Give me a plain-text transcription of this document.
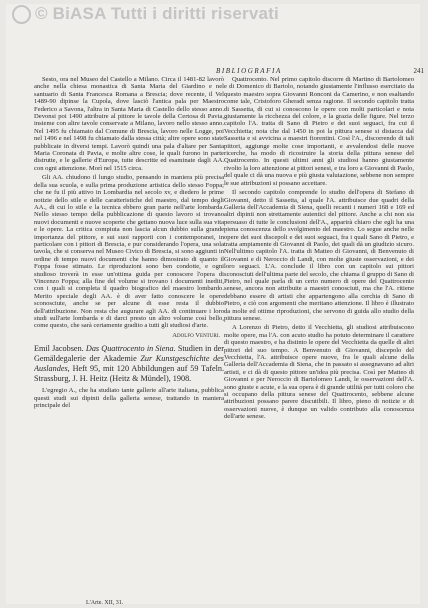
© BiASA Tutti i diritti riservati
BIBLIOGRAFIA	241

Sesto, ora nel Museo del Castello a Milano. Circa il 1481-82 lavorò anche nella chiesa monastica di Santa Maria del Giardino e nel santuario di Santa Francesca Romana a Brescia; dove recente, il Vel 1489-90 dipinse la Cupola, dove lasciò l'antica pala per Maestro Federico a Savona, l'altra in Santa Maria di Castello dello stesso anno. Devonsi poi 1490 attribuire al pittore le tavole della Certosa di Pavia, insieme con altre tavole conservate a Milano, lavoro nello stesso anno. Nel 1495 fu chiamato dal Comune di Brescia, lavoro nelle Logge, poi nel 1496 e nel 1498 fu chiamato dalla stessa città; altre opere sono state pubblicate in diversi tempi. Lavorò quindi una pala d'altare per Santa Maria Coronata di Pavia, e molte altre cose, le quali furono in parte distrutte, e le gallerie d'Europa, tutte descritte ed esaminate dagli AA. con ogni attenzione. Morì nel 1515 circa.

Gli AA. chiudono il lungo studio, pensando in maniera più precisa della sua scuola, e sulla prima produzione artistica dello stesso Foppa; che ne fu il più attivo in Lombardia nel secolo xv, e diedero le prime notizie dello stile e delle caratteristiche del maestro, dal tempo degli AA., di cui lo stile e la tecnica ebbero gran parte nell'arte lombarda. Nello stesso tempo della pubblicazione di questo lavoro si trovano nuovi documenti e nuove scoperte che gettano nuova luce sulla sua vita e le opere. La critica compiuta non lascia alcun dubbio sulla grande importanza del pittore, e sui suoi rapporti con i contemporanei, in particolare con i pittori di Brescia, e pur considerando l'opera, una sola tavola, che si conserva nel Museo Civico di Brescia, si sono aggiunti in ordine di tempo nuovi documenti che hanno dimostrato di quanto il Foppa fosse stimato. Le riproduzioni sono ben condotte, e ogni studioso troverà in esse un'ottima guida per conoscere l'opera di Vincenzo Foppa; alla fine del volume si trovano i documenti inediti, con i quali si completa il quadro biografico del maestro lombardo. Merito speciale degli AA. è di aver fatto conoscere le opere sconosciute, anche se per alcune di esse resta il dubbio dell'attribuzione. Non resta che augurare agli AA. di continuare i loro studi sull'arte lombarda e di darci presto un altro volume così bello, come questo, che sarà certamente gradito a tutti gli studiosi d'arte.

Adolfo Venturi.
Emil Jacobsen. Das Quattrocento in Siena. Studien in der Gemäldegalerie der Akademie Zur Kunstgeschichte des Auslandes, Heft 95, mit 120 Abbildungen auf 59 Tafeln. Strassburg, J. H. Heitz (Heitz & Mündel), 1908.

L'egregio A., che ha studiato tante gallerie all'arte italiana, pubblica questi studi sui dipinti della galleria senese, trattando in maniera principale del

Quattrocento. Nel primo capitolo discorre di Martino di Bartolomeo e di Domenico di Bartolo, notando giustamente l'influsso esercitato da questo maestro sopra Giovanni Ronconi da Camerino, e non esaltando come tale, Cristoforo Gheradi senza ragione. Il secondo capitolo tratta di Sassetta, di cui si conoscono le opere con molti particolari e nota giustamente la ricchezza del colore, e la grazia delle figure. Nel terzo capitolo l'A. tratta di Sano di Pietro e dei suoi seguaci, fra cui il Vecchietta; nota che dal 1450 in poi la pittura senese si distacca dal Sassetta e si avvicina a maestri fiorentini. Così l'A., discorrendo di tali pittori, aggiunge molte cose importanti, e avvalendosi delle nuove ricerche, ha modo di ricostruire la storia della pittura senese del Quattrocento. In questi ultimi anni gli studiosi hanno giustamente rivolto la loro attenzione ai pittori senesi, e tra loro a Giovanni di Paolo, del quale ci dà una nuova e più giusta valutazione, sebbene non sempre le sue attribuzioni si possano accettare.

Il secondo capitolo comprende lo studio dell'opera di Stefano di Giovanni, detto il Sassetta, al quale l'A. attribuisce due quadri della Galleria dell'Accademia di Siena, quelli recanti i numeri 168 e 169 ed altri dipinti non strettamente autentici del pittore. Anche a chi non sia persuaso di tutte le conclusioni dell'A., apparirà chiaro che egli ha una piena conoscenza dello svolgimento del maestro. Lo segue anche nelle opere dei suoi discepoli e dei suoi seguaci, fra i quali Sano di Pietro, e tratta ampiamente di Giovanni di Paolo, dei quali dà un giudizio sicuro. Nell'ultimo capitolo l'A. tratta di Matteo di Giovanni, di Benvenuto di Giovanni e di Neroccio di Landi, con molte giuste osservazioni, e dei loro seguaci. L'A. conclude il libro con un capitolo sui pittori sconosciuti dell'ultima parte del secolo, che chiama il gruppo di Sano di Pietro, nel quale parla di un certo numero di opere del Quattrocento senese, ancora non attribuite a maestri conosciuti, ma che l'A. ritiene debbano essere di artisti che appartengono alla cerchia di Sano di Pietro, e ciò con argomenti che meritano attenzione. Il libro è illustrato da molte ed ottime riproduzioni, che servono di guida allo studio della pittura senese.

A Lorenzo di Pietro, detto il Vecchietta, gli studiosi attribuiscono molte opere, ma l'A. con acuto studio ha potuto determinare il carattere di questo maestro, e ha distinto le opere del Vecchietta da quelle di altri pittori del suo tempo. A Benvenuto di Giovanni, discepolo del Vecchietta, l'A. attribuisce opere nuove, fra le quali alcune della Galleria dell'Accademia di Siena, che in passato si assegnavano ad altri artisti, e ci dà di questo pittore un'idea più precisa. Così per Matteo di Giovanni e per Neroccio di Bartolomeo Landi, le osservazioni dell'A. sono giuste e acute, e la sua opera è di grande utilità per tutti coloro che si occupano della pittura senese del Quattrocento, sebbene alcune attribuzioni possano parere discutibili. Il libro, pieno di notizie e di osservazioni nuove, è dunque un valido contributo alla conoscenza dell'arte senese.

L'Arte. XII, 31.
